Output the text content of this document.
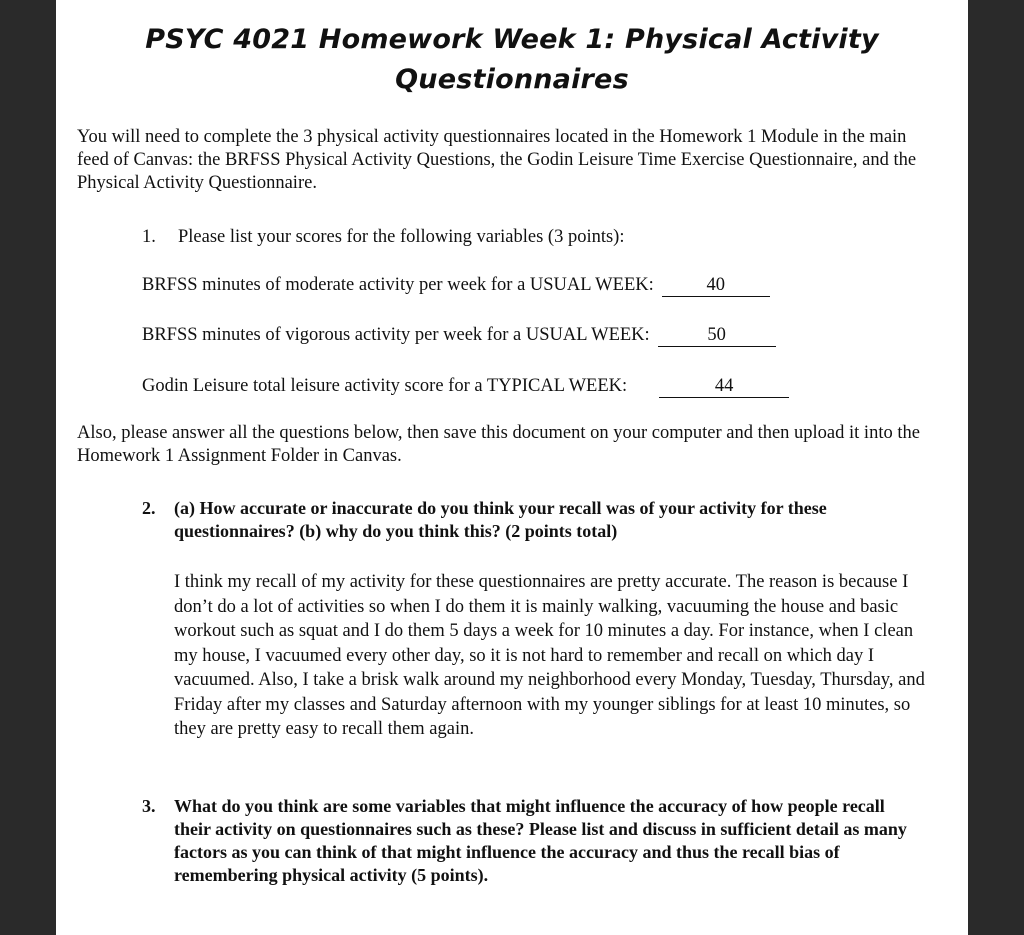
PSYC 4021 Homework Week 1: Physical Activity
Questionnaires
You will need to complete the 3 physical activity questionnaires located in the Homework 1 Module in the main feed of Canvas: the BRFSS Physical Activity Questions, the Godin Leisure Time Exercise Questionnaire, and the Physical Activity Questionnaire.
1. Please list your scores for the following variables (3 points):
BRFSS minutes of moderate activity per week for a USUAL WEEK:	40
BRFSS minutes of vigorous activity per week for a USUAL WEEK:	50
Godin Leisure total leisure activity score for a TYPICAL WEEK:	44
Also, please answer all the questions below, then save this document on your computer and then upload it into the Homework 1 Assignment Folder in Canvas.
2. (a) How accurate or inaccurate do you think your recall was of your activity for these questionnaires? (b) why do you think this? (2 points total)
I think my recall of my activity for these questionnaires are pretty accurate. The reason is because I don’t do a lot of activities so when I do them it is mainly walking, vacuuming the house and basic workout such as squat and I do them 5 days a week for 10 minutes a day. For instance, when I clean my house, I vacuumed every other day, so it is not hard to remember and recall on which day I vacuumed. Also, I take a brisk walk around my neighborhood every Monday, Tuesday, Thursday, and Friday after my classes and Saturday afternoon with my younger siblings for at least 10 minutes, so they are pretty easy to recall them again.
3. What do you think are some variables that might influence the accuracy of how people recall their activity on questionnaires such as these? Please list and discuss in sufficient detail as many factors as you can think of that might influence the accuracy and thus the recall bias of remembering physical activity (5 points).
